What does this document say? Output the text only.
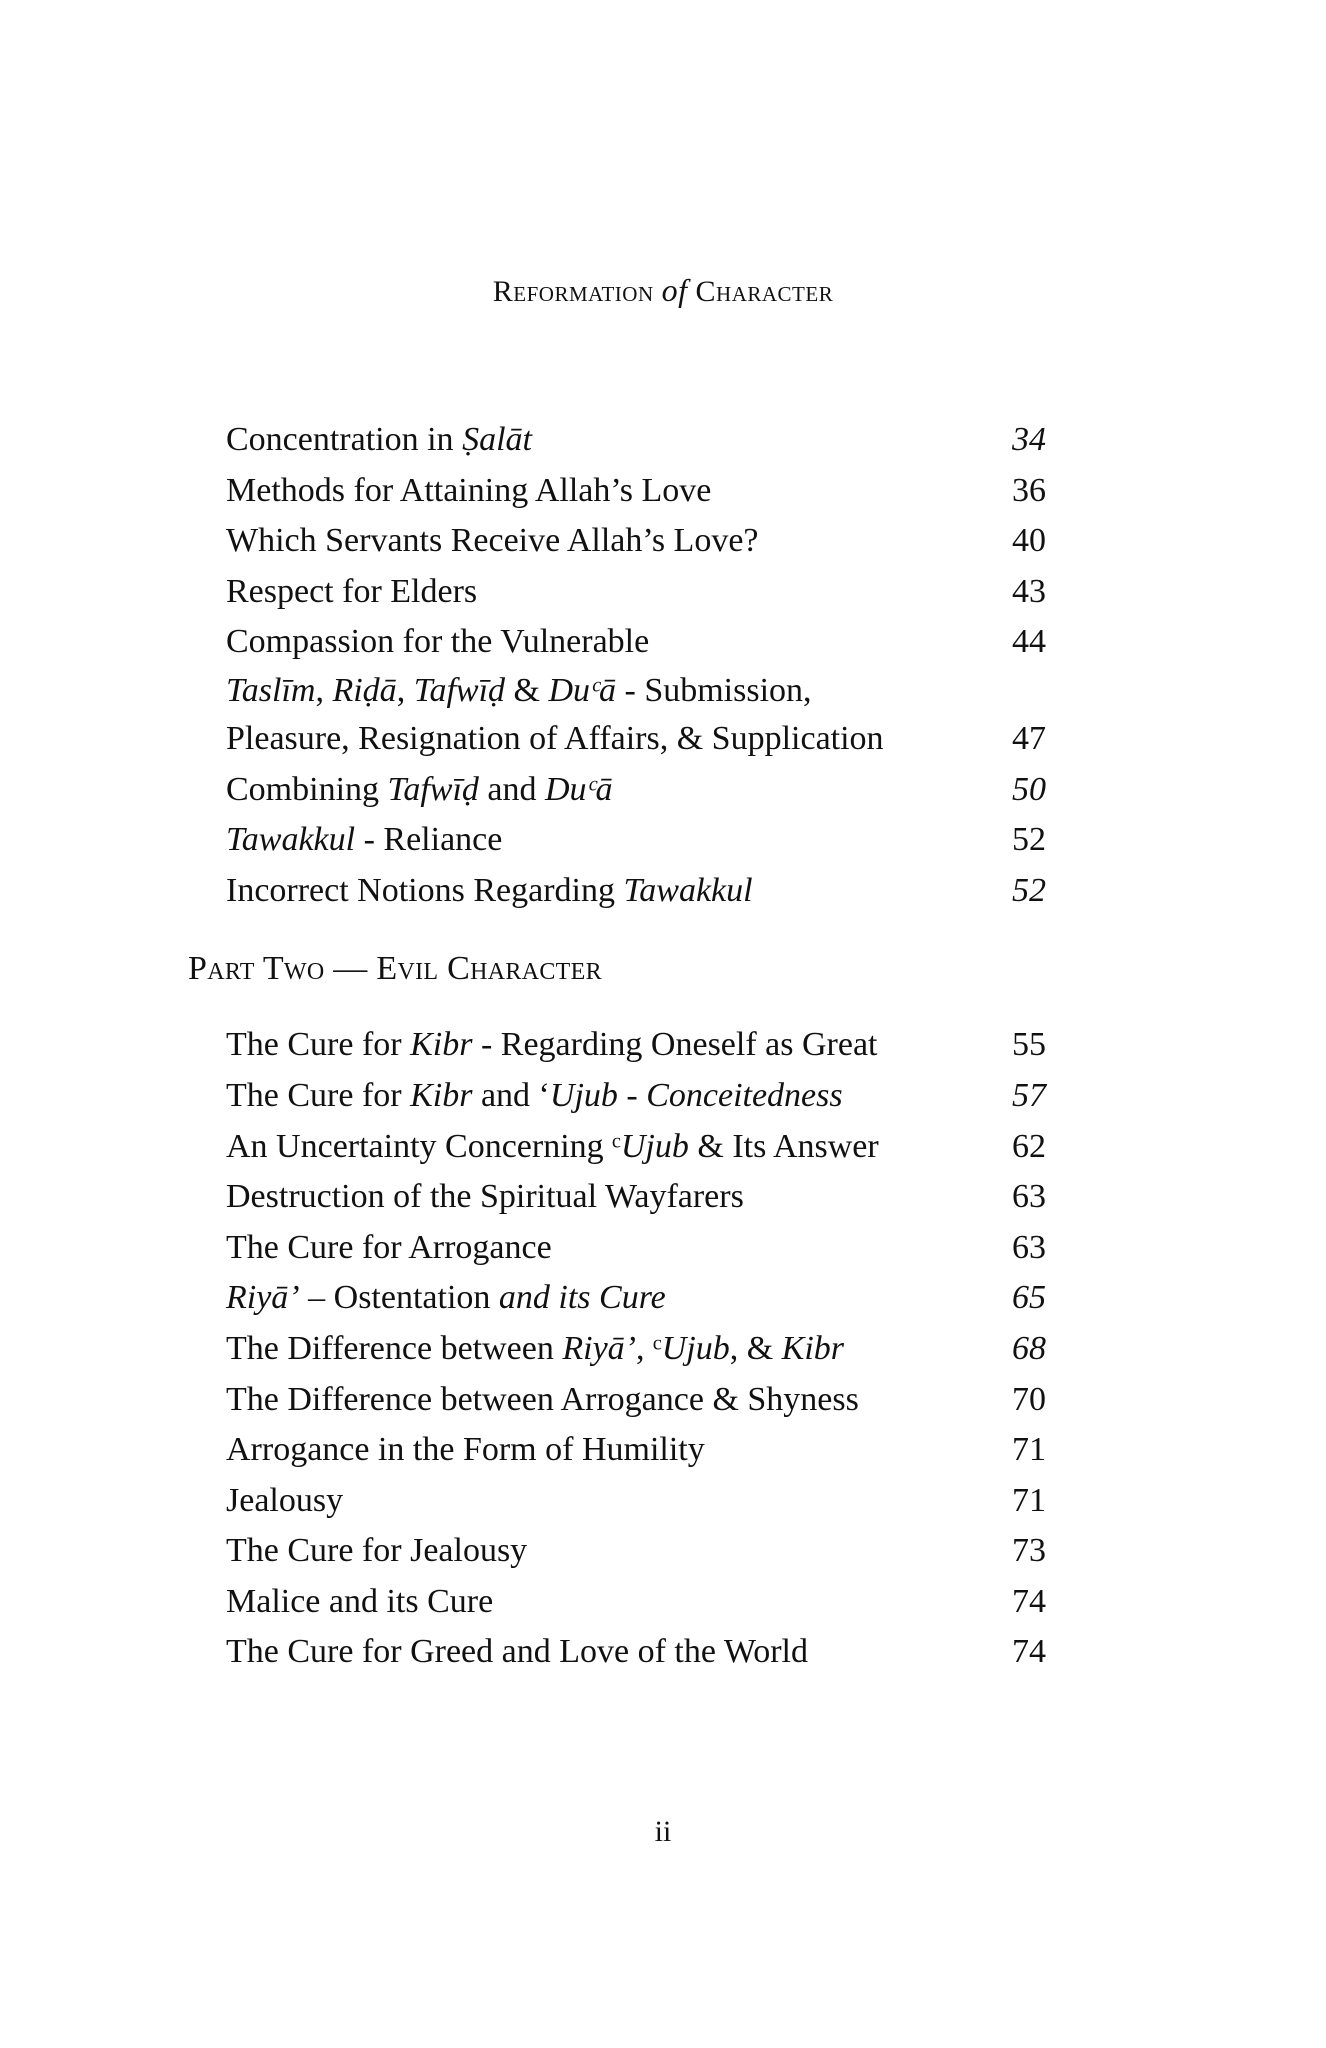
Reformation of Character
Concentration in Ṣalāt	34
Methods for Attaining Allah’s Love	36
Which Servants Receive Allah’s Love?	40
Respect for Elders	43
Compassion for the Vulnerable	44
Taslīm, Riḍā, Tafwīḍ & Duᶜā - Submission,
Pleasure, Resignation of Affairs, & Supplication	47
Combining Tafwīḍ and Duᶜā	50
Tawakkul - Reliance	52
Incorrect Notions Regarding Tawakkul	52
Part Two — Evil Character
The Cure for Kibr - Regarding Oneself as Great	55
The Cure for Kibr and ‘Ujub - Conceitedness	57
An Uncertainty Concerning ᶜUjub & Its Answer	62
Destruction of the Spiritual Wayfarers	63
The Cure for Arrogance	63
Riyā’ – Ostentation and its Cure	65
The Difference between Riyā’, ᶜUjub, & Kibr	68
The Difference between Arrogance & Shyness	70
Arrogance in the Form of Humility	71
Jealousy	71
The Cure for Jealousy	73
Malice and its Cure	74
The Cure for Greed and Love of the World	74
ii
